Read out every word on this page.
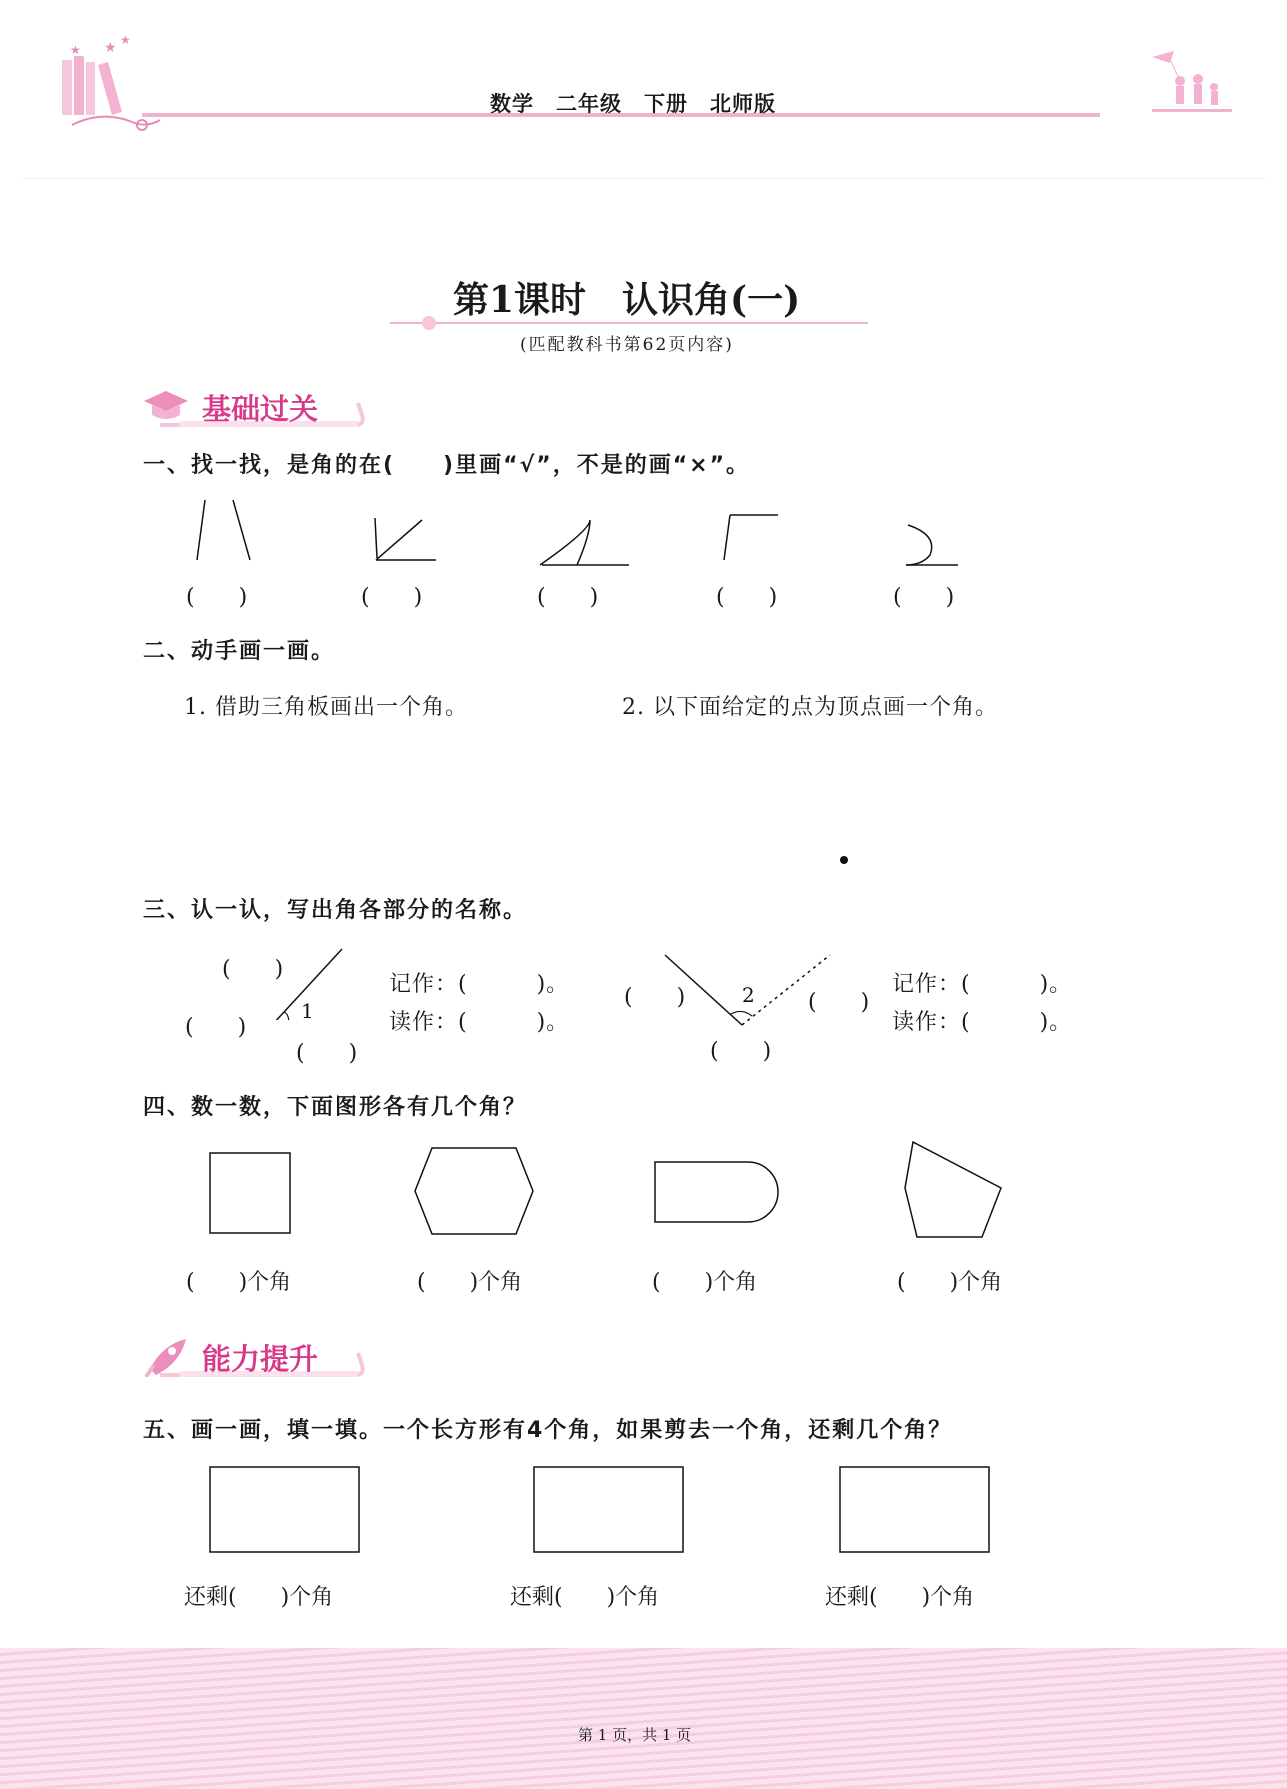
★ ★
★
数学　二年级　下册　北师版
第1课时　认识角(一)
(匹配教科书第62页内容)
基础过关
一、找一找，是角的在(　　)里画“√”，不是的画“×”。
(　　)	(　　)	(　　)	(　　)	(　　)
二、动手画一画。
1. 借助三角板画出一个角。	2. 以下面给定的点为顶点画一个角。
三、认一认，写出角各部分的名称。
1
(　　)
(　　)
(　　)
记作：(　　　)。
读作：(　　　)。
2
(　　)	(　　)
(　　)
记作：(　　　)。
读作：(　　　)。
四、数一数，下面图形各有几个角？
(　　)个角	(　　)个角	(　　)个角	(　　)个角
能力提升
五、画一画，填一填。一个长方形有4个角，如果剪去一个角，还剩几个角？
还剩(　　)个角	还剩(　　)个角	还剩(　　)个角
第 1 页，共 1 页
